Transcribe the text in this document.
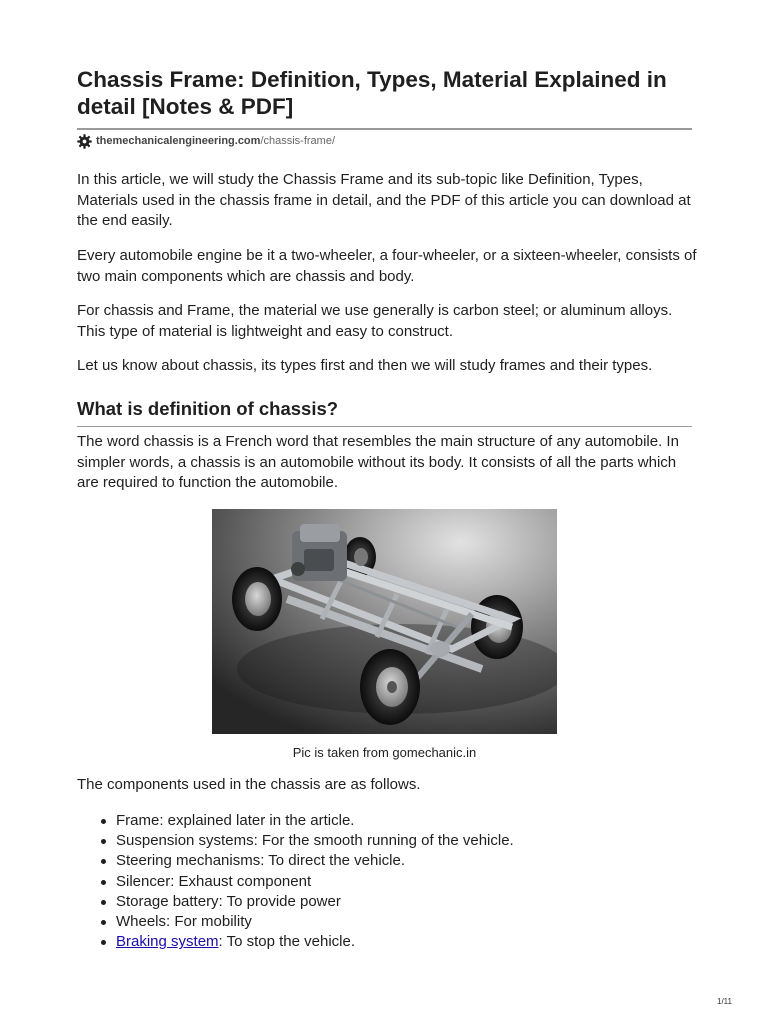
Chassis Frame: Definition, Types, Material Explained in detail [Notes & PDF]
themechanicalengineering.com /chassis-frame/

In this article, we will study the Chassis Frame and its sub-topic like Definition, Types, Materials used in the chassis frame in detail, and the PDF of this article you can download at the end easily.

Every automobile engine be it a two-wheeler, a four-wheeler, or a sixteen-wheeler, consists of two main components which are chassis and body.

For chassis and Frame, the material we use generally is carbon steel; or aluminum alloys. This type of material is lightweight and easy to construct.

Let us know about chassis, its types first and then we will study frames and their types.

What is definition of chassis?

The word chassis is a French word that resembles the main structure of any automobile. In simpler words, a chassis is an automobile without its body. It consists of all the parts which are required to function the automobile.

Pic is taken from gomechanic.in

The components used in the chassis are as follows.

Frame: explained later in the article.
Suspension systems: For the smooth running of the vehicle.
Steering mechanisms: To direct the vehicle.
Silencer: Exhaust component
Storage battery: To provide power
Wheels: For mobility
Braking system: To stop the vehicle.
1/11
